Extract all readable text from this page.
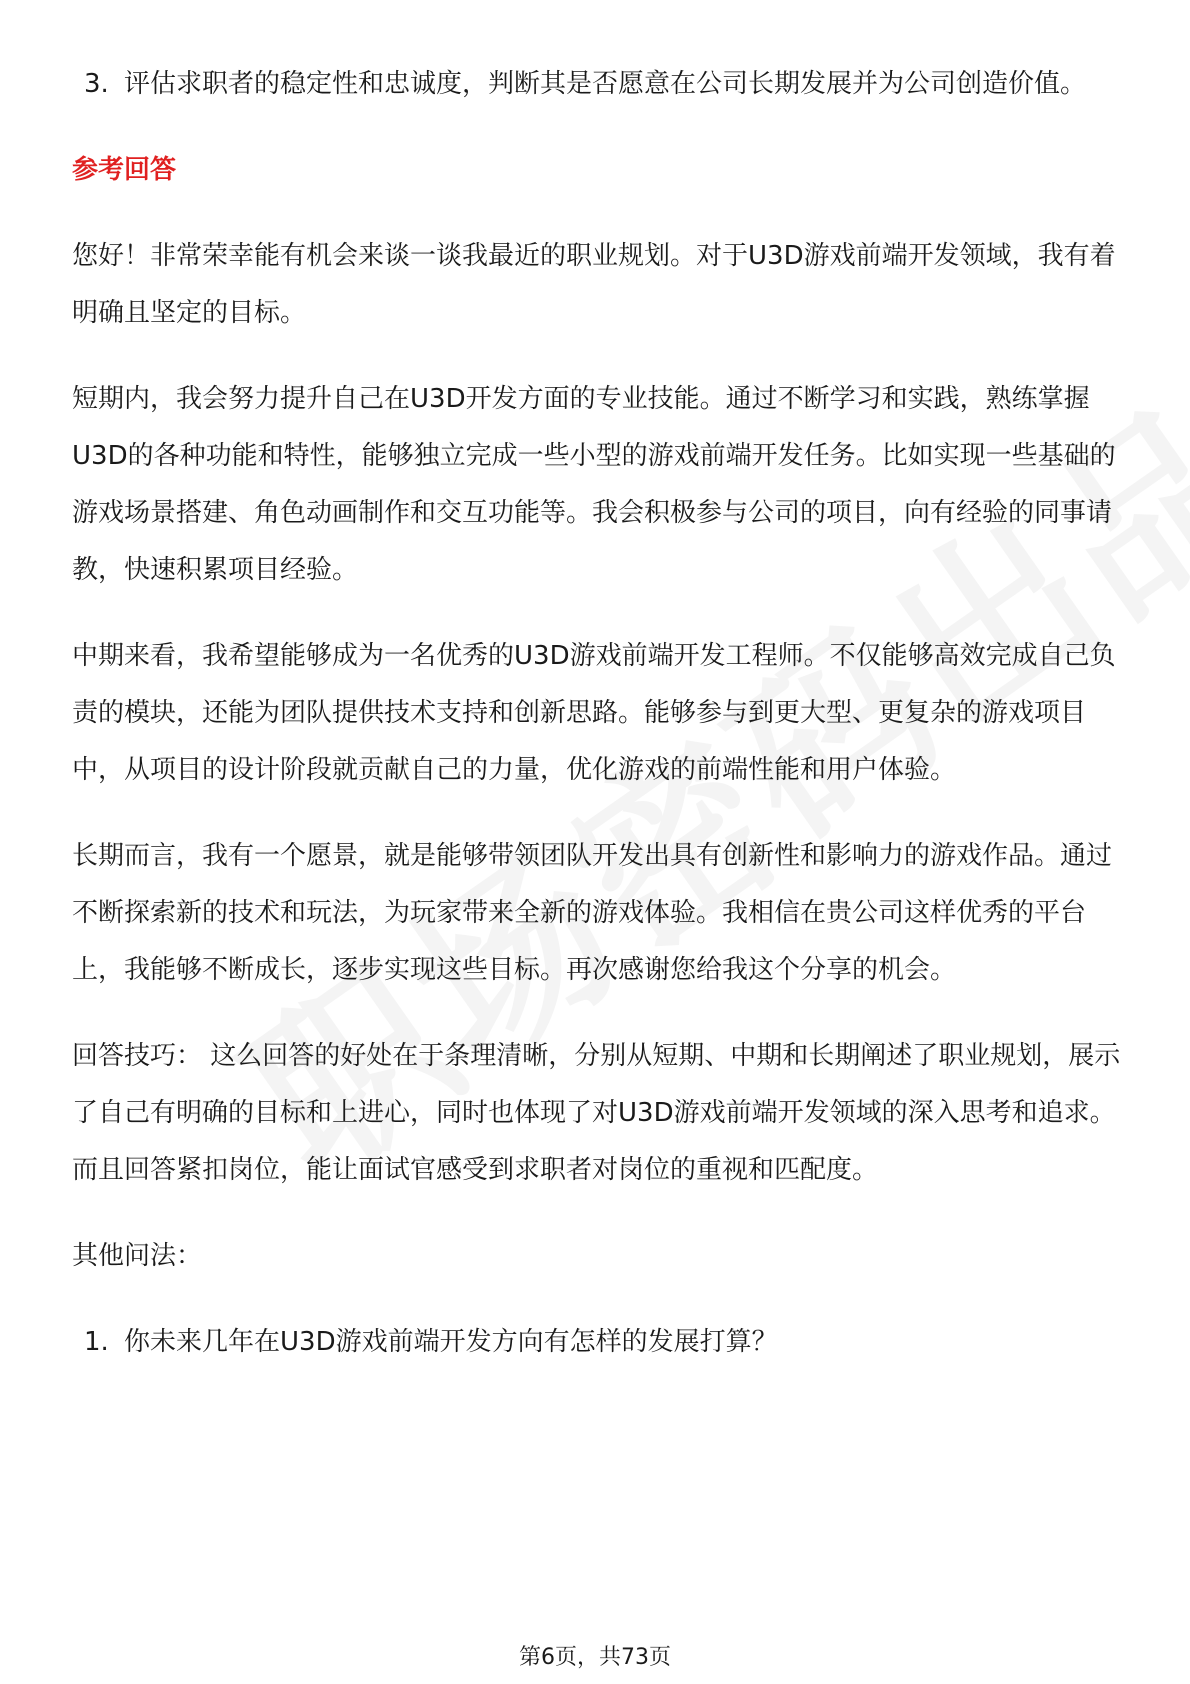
3. 评估求职者的稳定性和忠诚度，判断其是否愿意在公司长期发展并为公司创造价值。

参考回答

您好！非常荣幸能有机会来谈一谈我最近的职业规划。对于U3D游戏前端开发领域，我有着明确且坚定的目标。

短期内，我会努力提升自己在U3D开发方面的专业技能。通过不断学习和实践，熟练掌握U3D的各种功能和特性，能够独立完成一些小型的游戏前端开发任务。比如实现一些基础的游戏场景搭建、角色动画制作和交互功能等。我会积极参与公司的项目，向有经验的同事请教，快速积累项目经验。

中期来看，我希望能够成为一名优秀的U3D游戏前端开发工程师。不仅能够高效完成自己负责的模块，还能为团队提供技术支持和创新思路。能够参与到更大型、更复杂的游戏项目中，从项目的设计阶段就贡献自己的力量，优化游戏的前端性能和用户体验。

长期而言，我有一个愿景，就是能够带领团队开发出具有创新性和影响力的游戏作品。通过不断探索新的技术和玩法，为玩家带来全新的游戏体验。我相信在贵公司这样优秀的平台上，我能够不断成长，逐步实现这些目标。再次感谢您给我这个分享的机会。

回答技巧： 这么回答的好处在于条理清晰，分别从短期、中期和长期阐述了职业规划，展示了自己有明确的目标和上进心，同时也体现了对U3D游戏前端开发领域的深入思考和追求。而且回答紧扣岗位，能让面试官感受到求职者对岗位的重视和匹配度。

其他问法：

1. 你未来几年在U3D游戏前端开发方向有怎样的发展打算？
第6页，共73页
